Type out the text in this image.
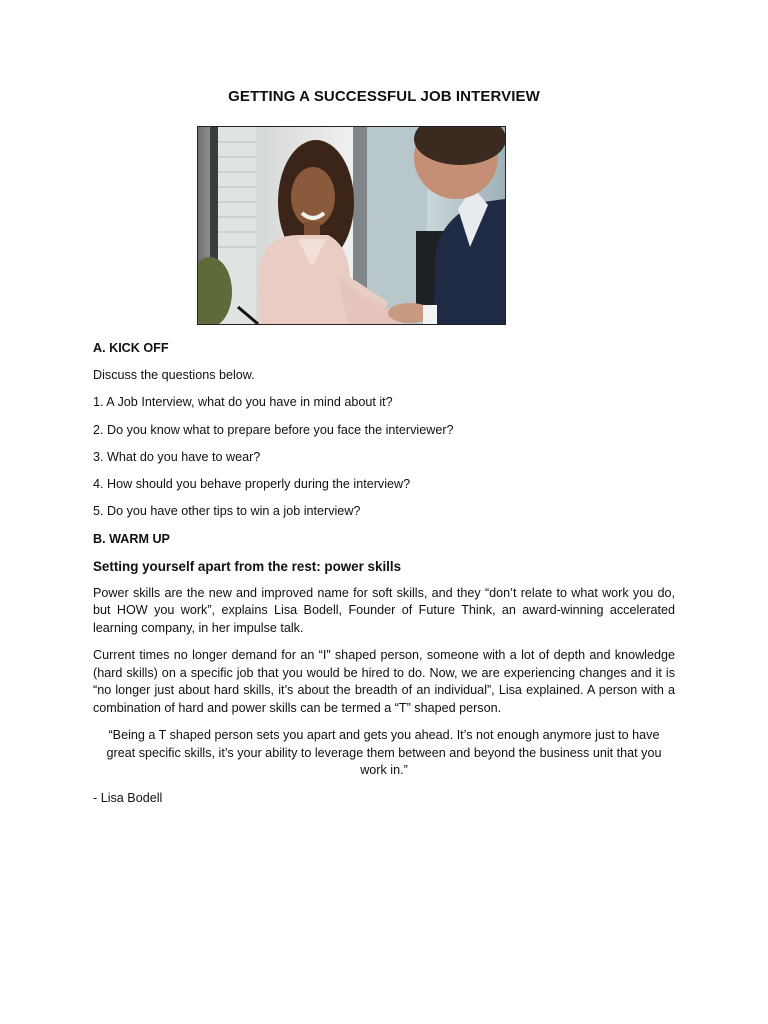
GETTING A SUCCESSFUL JOB INTERVIEW

A. KICK OFF

Discuss the questions below.

1. A Job Interview, what do you have in mind about it?

2. Do you know what to prepare before you face the interviewer?

3. What do you have to wear?

4. How should you behave properly during the interview?

5. Do you have other tips to win a job interview?

B. WARM UP

Setting yourself apart from the rest: power skills

Power skills are the new and improved name for soft skills, and they “don’t relate to what work you do, but HOW you work”, explains Lisa Bodell, Founder of Future Think, an award-winning accelerated learning company, in her impulse talk.

Current times no longer demand for an “I” shaped person, someone with a lot of depth and knowledge (hard skills) on a specific job that you would be hired to do. Now, we are experiencing changes and it is “no longer just about hard skills, it’s about the breadth of an individual”, Lisa explained. A person with a combination of hard and power skills can be termed a “T” shaped person.

“Being a T shaped person sets you apart and gets you ahead. It’s not enough anymore just to have great specific skills, it’s your ability to leverage them between and beyond the business unit that you work in.”

- Lisa Bodell
